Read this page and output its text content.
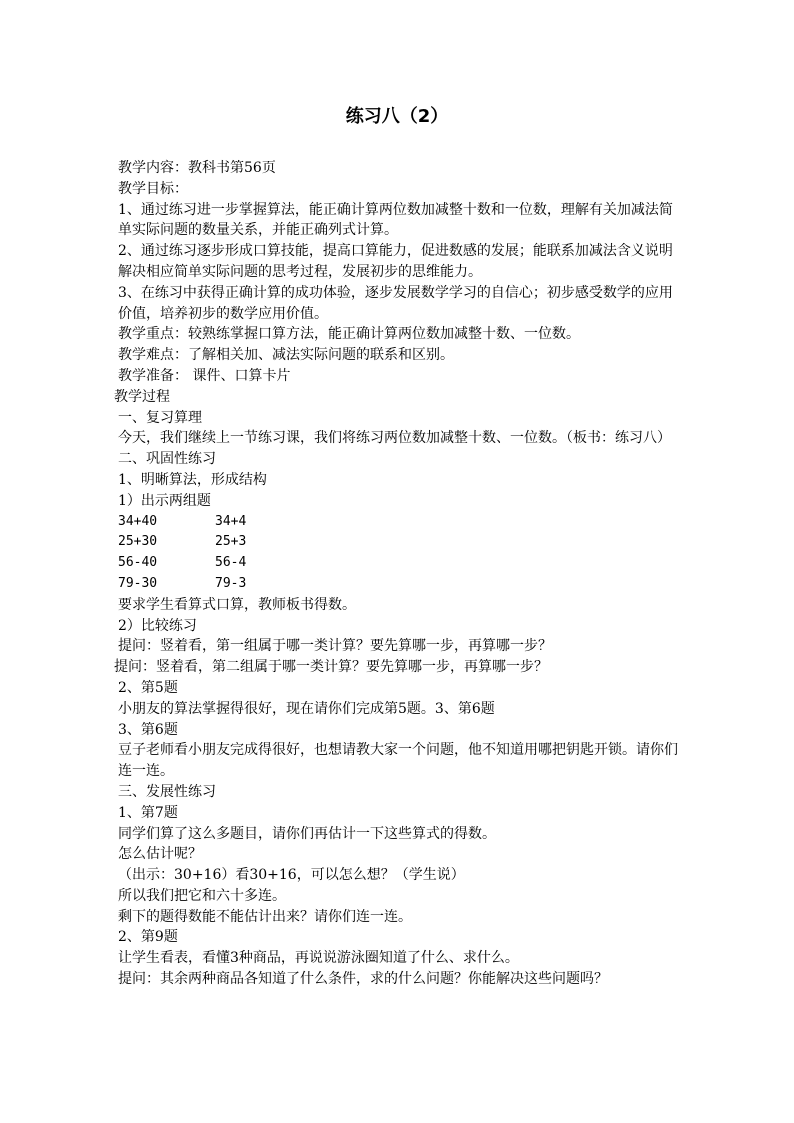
练习八（2）
教学内容：教科书第56页
教学目标：
1、通过练习进一步掌握算法，能正确计算两位数加减整十数和一位数，理解有关加减法简单实际问题的数量关系，并能正确列式计算。
2、通过练习逐步形成口算技能，提高口算能力，促进数感的发展；能联系加减法含义说明解决相应简单实际问题的思考过程，发展初步的思维能力。
3、在练习中获得正确计算的成功体验，逐步发展数学学习的自信心；初步感受数学的应用价值，培养初步的数学应用价值。
教学重点：较熟练掌握口算方法，能正确计算两位数加减整十数、一位数。
教学难点：了解相关加、减法实际问题的联系和区别。
教学准备： 课件、口算卡片
教学过程
一、复习算理
今天，我们继续上一节练习课，我们将练习两位数加减整十数、一位数。（板书：练习八）
二、巩固性练习
1、明晰算法，形成结构
1）出示两组题
34+40	34+4
25+30	25+3
56-40	56-4
79-30	79-3
要求学生看算式口算，教师板书得数。
2）比较练习
提问：竖着看，第一组属于哪一类计算？要先算哪一步，再算哪一步？
提问：竖着看，第二组属于哪一类计算？要先算哪一步，再算哪一步？
2、第5题
小朋友的算法掌握得很好，现在请你们完成第5题。3、第6题
3、第6题
豆子老师看小朋友完成得很好，也想请教大家一个问题，他不知道用哪把钥匙开锁。请你们连一连。
三、发展性练习
1、第7题
同学们算了这么多题目，请你们再估计一下这些算式的得数。
怎么估计呢？
（出示：30+16）看30+16，可以怎么想？（学生说）
所以我们把它和六十多连。
剩下的题得数能不能估计出来？请你们连一连。
2、第9题
让学生看表，看懂3种商品，再说说游泳圈知道了什么、求什么。
提问：其余两种商品各知道了什么条件，求的什么问题？你能解决这些问题吗？
